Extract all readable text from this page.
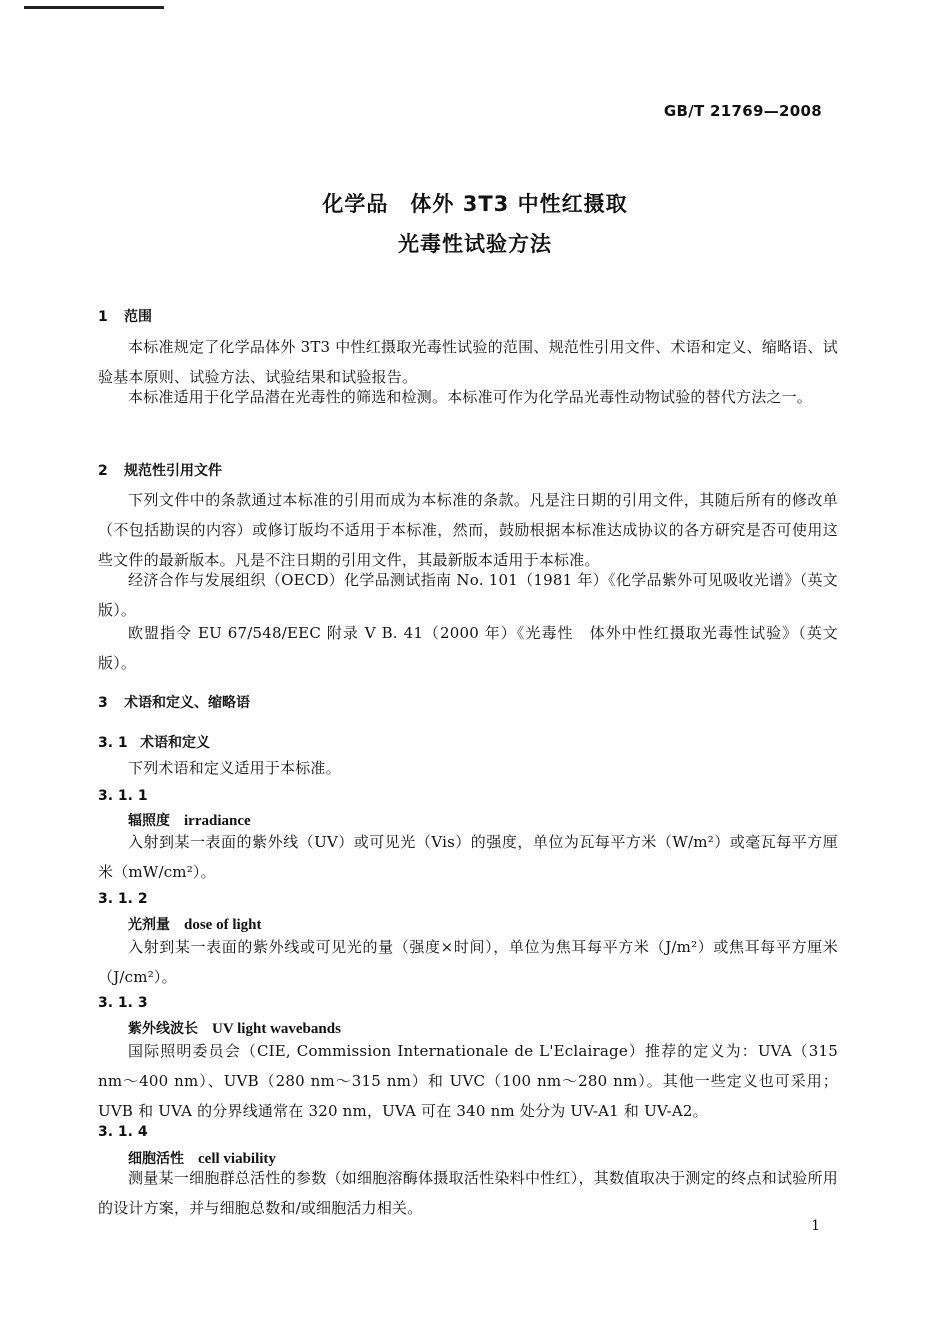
GB/T 21769—2008
化学品　体外 3T3 中性红摄取
光毒性试验方法
1 范围

本标准规定了化学品体外 3T3 中性红摄取光毒性试验的范围、规范性引用文件、术语和定义、缩略语、试验基本原则、试验方法、试验结果和试验报告。

本标准适用于化学品潜在光毒性的筛选和检测。本标准可作为化学品光毒性动物试验的替代方法之一。

2 规范性引用文件

下列文件中的条款通过本标准的引用而成为本标准的条款。凡是注日期的引用文件，其随后所有的修改单（不包括勘误的内容）或修订版均不适用于本标准，然而，鼓励根据本标准达成协议的各方研究是否可使用这些文件的最新版本。凡是不注日期的引用文件，其最新版本适用于本标准。

经济合作与发展组织（OECD）化学品测试指南 No. 101（1981 年）《化学品紫外可见吸收光谱》（英文版）。

欧盟指令 EU 67/548/EEC 附录 V B. 41（2000 年）《光毒性　体外中性红摄取光毒性试验》（英文版）。

3 术语和定义、缩略语
3. 1 术语和定义

下列术语和定义适用于本标准。

3. 1. 1
辐照度 irradiance

入射到某一表面的紫外线（UV）或可见光（Vis）的强度，单位为瓦每平方米（W/m²）或毫瓦每平方厘米（mW/cm²）。

3. 1. 2
光剂量 dose of light

入射到某一表面的紫外线或可见光的量（强度×时间），单位为焦耳每平方米（J/m²）或焦耳每平方厘米（J/cm²）。

3. 1. 3
紫外线波长 UV light wavebands

国际照明委员会（CIE, Commission Internationale de L'Eclairage）推荐的定义为：UVA（315 nm～400 nm）、UVB（280 nm～315 nm）和 UVC（100 nm～280 nm）。其他一些定义也可采用；UVB 和 UVA 的分界线通常在 320 nm，UVA 可在 340 nm 处分为 UV-A1 和 UV-A2。

3. 1. 4
细胞活性 cell viability

测量某一细胞群总活性的参数（如细胞溶酶体摄取活性染料中性红），其数值取决于测定的终点和试验所用的设计方案，并与细胞总数和/或细胞活力相关。

1
